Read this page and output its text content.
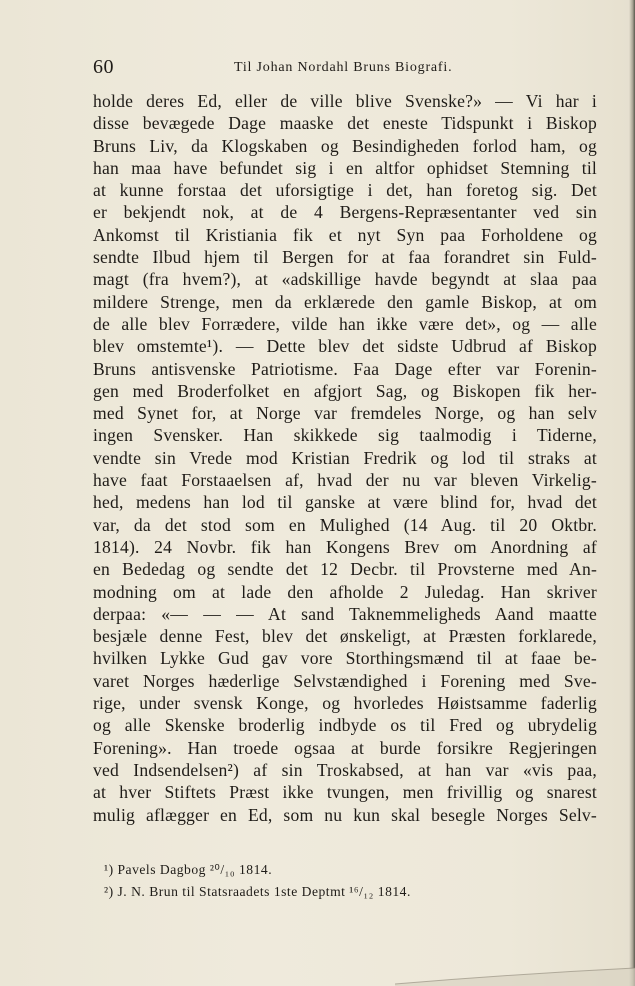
60	Til Johan Nordahl Bruns Biografi.
holde deres Ed, eller de ville blive Svenske?» — Vi har i
disse bevægede Dage maaske det eneste Tidspunkt i Biskop
Bruns Liv, da Klogskaben og Besindigheden forlod ham, og
han maa have befundet sig i en altfor ophidset Stemning til
at kunne forstaa det uforsigtige i det, han foretog sig. Det
er bekjendt nok, at de 4 Bergens-Repræsentanter ved sin
Ankomst til Kristiania fik et nyt Syn paa Forholdene og
sendte Ilbud hjem til Bergen for at faa forandret sin Fuld-
magt (fra hvem?), at «adskillige havde begyndt at slaa paa
mildere Strenge, men da erklærede den gamle Biskop, at om
de alle blev Forrædere, vilde han ikke være det», og — alle
blev omstemte¹). — Dette blev det sidste Udbrud af Biskop
Bruns antisvenske Patriotisme. Faa Dage efter var Forenin-
gen med Broderfolket en afgjort Sag, og Biskopen fik her-
med Synet for, at Norge var fremdeles Norge, og han selv
ingen Svensker. Han skikkede sig taalmodig i Tiderne,
vendte sin Vrede mod Kristian Fredrik og lod til straks at
have faat Forstaaelsen af, hvad der nu var bleven Virkelig-
hed, medens han lod til ganske at være blind for, hvad det
var, da det stod som en Mulighed (14 Aug. til 20 Oktbr.
1814). 24 Novbr. fik han Kongens Brev om Anordning af
en Bededag og sendte det 12 Decbr. til Provsterne med An-
modning om at lade den afholde 2 Juledag. Han skriver
derpaa: «— — — At sand Taknemmeligheds Aand maatte
besjæle denne Fest, blev det ønskeligt, at Præsten forklarede,
hvilken Lykke Gud gav vore Storthingsmænd til at faae be-
varet Norges hæderlige Selvstændighed i Forening med Sve-
rige, under svensk Konge, og hvorledes Høistsamme faderlig
og alle Skenske broderlig indbyde os til Fred og ubrydelig
Forening». Han troede ogsaa at burde forsikre Regjeringen
ved Indsendelsen²) af sin Troskabsed, at han var «vis paa,
at hver Stiftets Præst ikke tvungen, men frivillig og snarest
mulig aflægger en Ed, som nu kun skal besegle Norges Selv-
¹) Pavels Dagbog ²⁰/₁₀ 1814.
²) J. N. Brun til Statsraadets 1ste Deptmt ¹⁶/₁₂ 1814.
